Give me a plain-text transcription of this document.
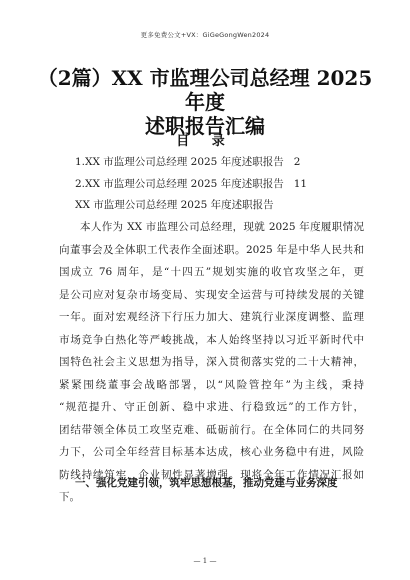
更多免费公文+VX：GiGeGongWen2024
（2篇）XX 市监理公司总经理 2025 年度
述职报告汇编
目 录
1.XX 市监理公司总经理 2025 年度述职报告 2
2.XX 市监理公司总经理 2025 年度述职报告 11
XX 市监理公司总经理 2025 年度述职报告
本人作为 XX 市监理公司总经理，现就 2025 年度履职情况
向董事会及全体职工代表作全面述职。2025 年是中华人民共和
国成立 76 周年，是“十四五”规划实施的收官攻坚之年，更
是公司应对复杂市场变局、实现安全运营与可持续发展的关键
一年。面对宏观经济下行压力加大、建筑行业深度调整、监理
市场竞争白热化等严峻挑战，本人始终坚持以习近平新时代中
国特色社会主义思想为指导，深入贯彻落实党的二十大精神，
紧紧围绕董事会战略部署，以“风险管控年”为主线，秉持
“规范提升、守正创新、稳中求进、行稳致远”的工作方针，
团结带领全体员工攻坚克难、砥砺前行。在全体同仁的共同努
力下，公司全年经营目标基本达成，核心业务稳中有进，风险
防线持续筑牢，企业韧性显著增强。现将全年工作情况汇报如
下。
一、强化党建引领，筑牢思想根基，推动党建与业务深度
— 1 —
